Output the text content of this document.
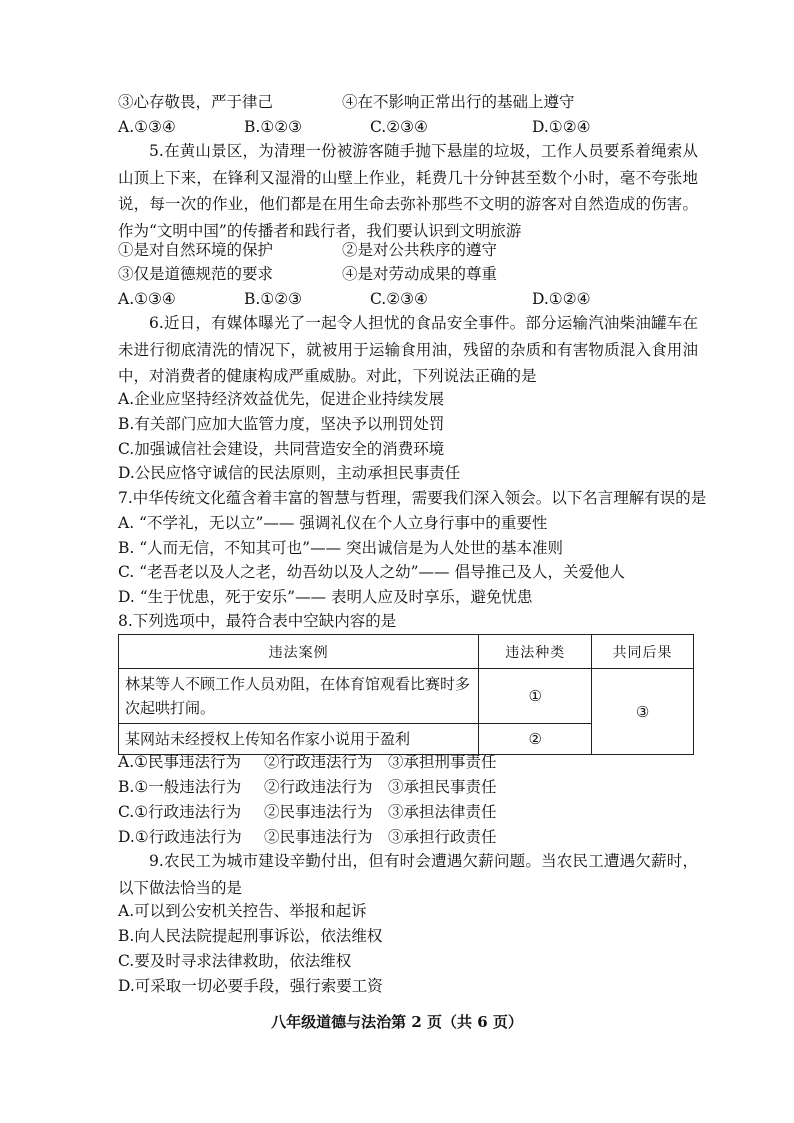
③心存敬畏，严于律己	④在不影响正常出行的基础上遵守
A.①③④	B.①②③	C.②③④	D.①②④
5.在黄山景区，为清理一份被游客随手抛下悬崖的垃圾，工作人员要系着绳索从山顶上下来，在锋利又湿滑的山壁上作业，耗费几十分钟甚至数个小时，毫不夸张地说，每一次的作业，他们都是在用生命去弥补那些不文明的游客对自然造成的伤害。作为“文明中国”的传播者和践行者，我们要认识到文明旅游
①是对自然环境的保护	②是对公共秩序的遵守
③仅是道德规范的要求	④是对劳动成果的尊重
A.①③④	B.①②③	C.②③④	D.①②④
6.近日，有媒体曝光了一起令人担忧的食品安全事件。部分运输汽油柴油罐车在未进行彻底清洗的情况下，就被用于运输食用油，残留的杂质和有害物质混入食用油中，对消费者的健康构成严重威胁。对此，下列说法正确的是
A.企业应坚持经济效益优先，促进企业持续发展
B.有关部门应加大监管力度，坚决予以刑罚处罚
C.加强诚信社会建设，共同营造安全的消费环境
D.公民应恪守诚信的民法原则，主动承担民事责任
7.中华传统文化蕴含着丰富的智慧与哲理，需要我们深入领会。以下名言理解有误的是
A. “不学礼，无以立”—— 强调礼仪在个人立身行事中的重要性
B. “人而无信，不知其可也”—— 突出诚信是为人处世的基本准则
C. “老吾老以及人之老，幼吾幼以及人之幼”—— 倡导推己及人，关爱他人
D. “生于忧患，死于安乐”—— 表明人应及时享乐，避免忧患
8.下列选项中，最符合表中空缺内容的是
违法案例	违法种类	共同后果
林某等人不顾工作人员劝阻，在体育馆观看比赛时多次起哄打闹。	①	③
某网站未经授权上传知名作家小说用于盈利	②	
A.①民事违法行为 ②行政违法行为 ③承担刑事责任
B.①一般违法行为 ②行政违法行为 ③承担民事责任
C.①行政违法行为 ②民事违法行为 ③承担法律责任
D.①行政违法行为 ②民事违法行为 ③承担行政责任
9.农民工为城市建设辛勤付出，但有时会遭遇欠薪问题。当农民工遭遇欠薪时，以下做法恰当的是
A.可以到公安机关控告、举报和起诉
B.向人民法院提起刑事诉讼，依法维权
C.要及时寻求法律救助，依法维权
D.可采取一切必要手段，强行索要工资
八年级道德与法治第 2 页（共 6 页）
